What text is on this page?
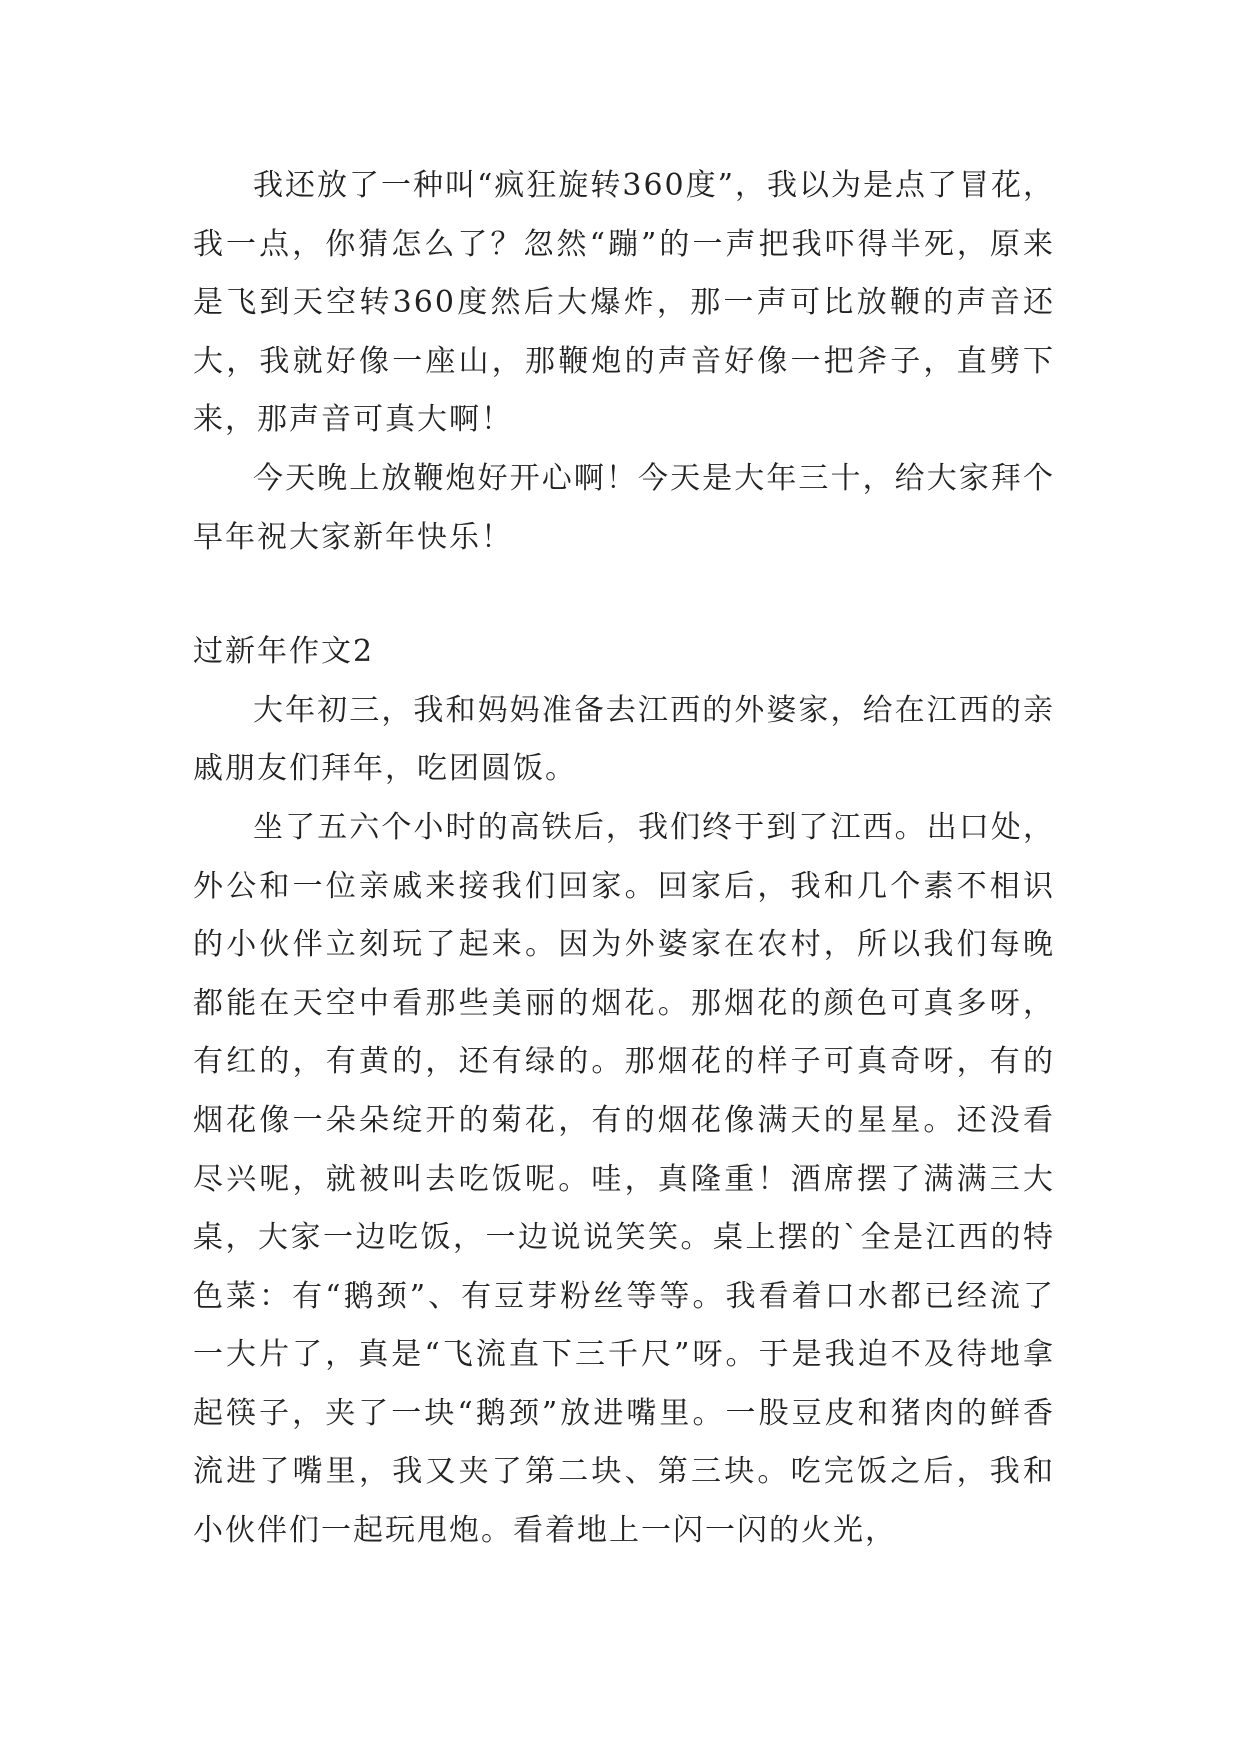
我还放了一种叫“疯狂旋转360度”，我以为是点了冒花，我一点，你猜怎么了？忽然“蹦”的一声把我吓得半死，原来是飞到天空转360度然后大爆炸，那一声可比放鞭的声音还大，我就好像一座山，那鞭炮的声音好像一把斧子，直劈下来，那声音可真大啊！

今天晚上放鞭炮好开心啊！今天是大年三十，给大家拜个早年祝大家新年快乐！

过新年作文2

大年初三，我和妈妈准备去江西的外婆家，给在江西的亲戚朋友们拜年，吃团圆饭。

坐了五六个小时的高铁后，我们终于到了江西。出口处，外公和一位亲戚来接我们回家。回家后，我和几个素不相识的小伙伴立刻玩了起来。因为外婆家在农村，所以我们每晚都能在天空中看那些美丽的烟花。那烟花的颜色可真多呀，有红的，有黄的，还有绿的。那烟花的样子可真奇呀，有的烟花像一朵朵绽开的菊花，有的烟花像满天的星星。还没看尽兴呢，就被叫去吃饭呢。哇，真隆重！酒席摆了满满三大桌，大家一边吃饭，一边说说笑笑。桌上摆的`全是江西的特色菜：有“鹅颈”、有豆芽粉丝等等。我看着口水都已经流了一大片了，真是“飞流直下三千尺”呀。于是我迫不及待地拿起筷子，夹了一块“鹅颈”放进嘴里。一股豆皮和猪肉的鲜香流进了嘴里，我又夹了第二块、第三块。吃完饭之后，我和小伙伴们一起玩甩炮。看着地上一闪一闪的火光，
